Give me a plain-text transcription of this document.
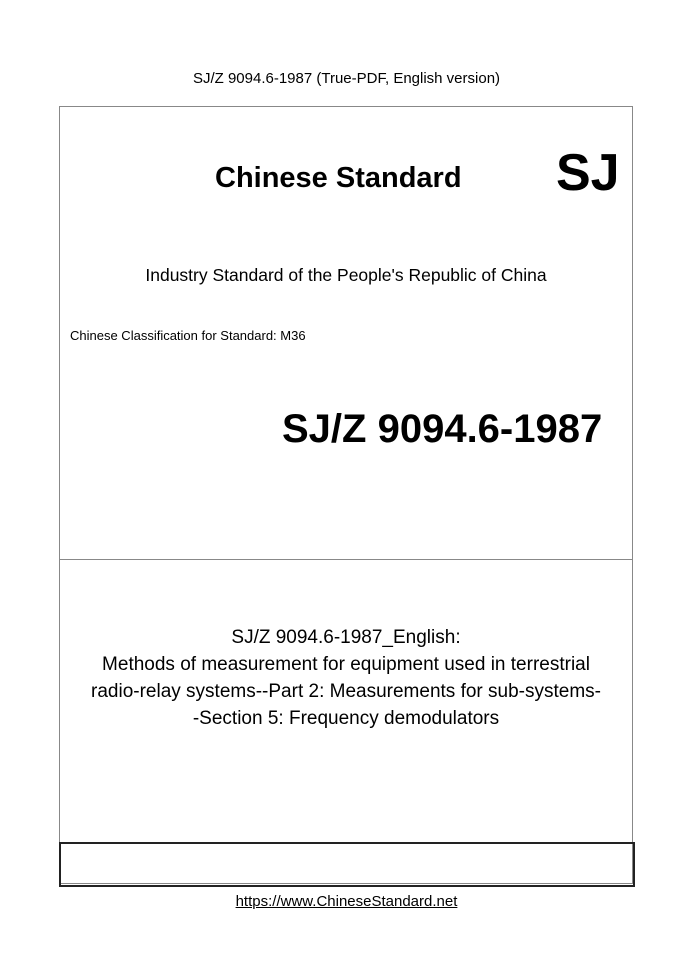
SJ/Z 9094.6-1987 (True-PDF, English version)
Chinese Standard SJ
Industry Standard of the People's Republic of China
Chinese Classification for Standard: M36
SJ/Z 9094.6-1987
SJ/Z 9094.6-1987_English:
Methods of measurement for equipment used in terrestrial
radio-relay systems--Part 2: Measurements for sub-systems-
-Section 5: Frequency demodulators
https://www.ChineseStandard.net
